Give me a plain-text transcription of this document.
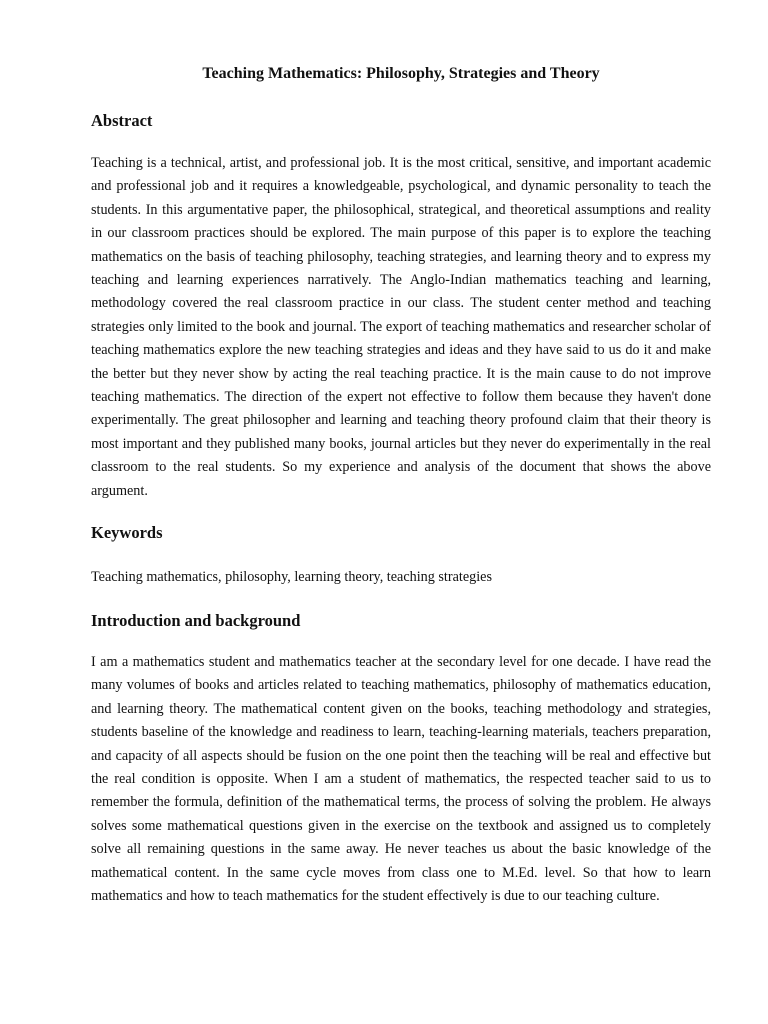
Teaching Mathematics: Philosophy, Strategies and Theory
Abstract

Teaching is a technical, artist, and professional job. It is the most critical, sensitive, and important academic and professional job and it requires a knowledgeable, psychological, and dynamic personality to teach the students. In this argumentative paper, the philosophical, strategical, and theoretical assumptions and reality in our classroom practices should be explored. The main purpose of this paper is to explore the teaching mathematics on the basis of teaching philosophy, teaching strategies, and learning theory and to express my teaching and learning experiences narratively. The Anglo-Indian mathematics teaching and learning, methodology covered the real classroom practice in our class. The student center method and teaching strategies only limited to the book and journal. The export of teaching mathematics and researcher scholar of teaching mathematics explore the new teaching strategies and ideas and they have said to us do it and make the better but they never show by acting the real teaching practice. It is the main cause to do not improve teaching mathematics. The direction of the expert not effective to follow them because they haven't done experimentally. The great philosopher and learning and teaching theory profound claim that their theory is most important and they published many books, journal articles but they never do experimentally in the real classroom to the real students. So my experience and analysis of the document that shows the above argument.

Keywords

Teaching mathematics, philosophy, learning theory, teaching strategies

Introduction and background

I am a mathematics student and mathematics teacher at the secondary level for one decade. I have read the many volumes of books and articles related to teaching mathematics, philosophy of mathematics education, and learning theory. The mathematical content given on the books, teaching methodology and strategies, students baseline of the knowledge and readiness to learn, teaching-learning materials, teachers preparation, and capacity of all aspects should be fusion on the one point then the teaching will be real and effective but the real condition is opposite. When I am a student of mathematics, the respected teacher said to us to remember the formula, definition of the mathematical terms, the process of solving the problem. He always solves some mathematical questions given in the exercise on the textbook and assigned us to completely solve all remaining questions in the same away. He never teaches us about the basic knowledge of the mathematical content. In the same cycle moves from class one to M.Ed. level. So that how to learn mathematics and how to teach mathematics for the student effectively is due to our teaching culture.
